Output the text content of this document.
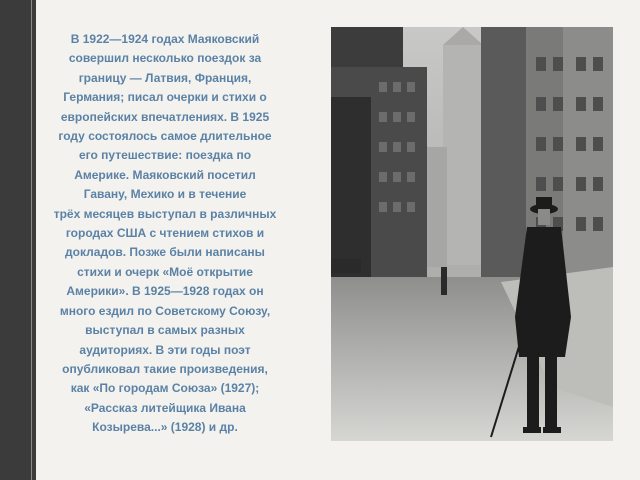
В 1922—1924 годах Маяковский
совершил несколько поездок за
границу — Латвия, Франция,
Германия; писал очерки и стихи о
европейских впечатлениях. В 1925
году состоялось самое длительное
его путешествие: поездка по
Америке. Маяковский посетил
Гавану, Мехико и в течение
трёх месяцев выступал в различных
городах США с чтением стихов и
докладов. Позже были написаны
стихи и очерк «Моё открытие
Америки». В 1925—1928 годах он
много ездил по Советскому Союзу,
выступал в самых разных
аудиториях. В эти годы поэт
опубликовал такие произведения,
как «По городам Союза» (1927);
«Рассказ литейщика Ивана
Козырева...» (1928) и др.
